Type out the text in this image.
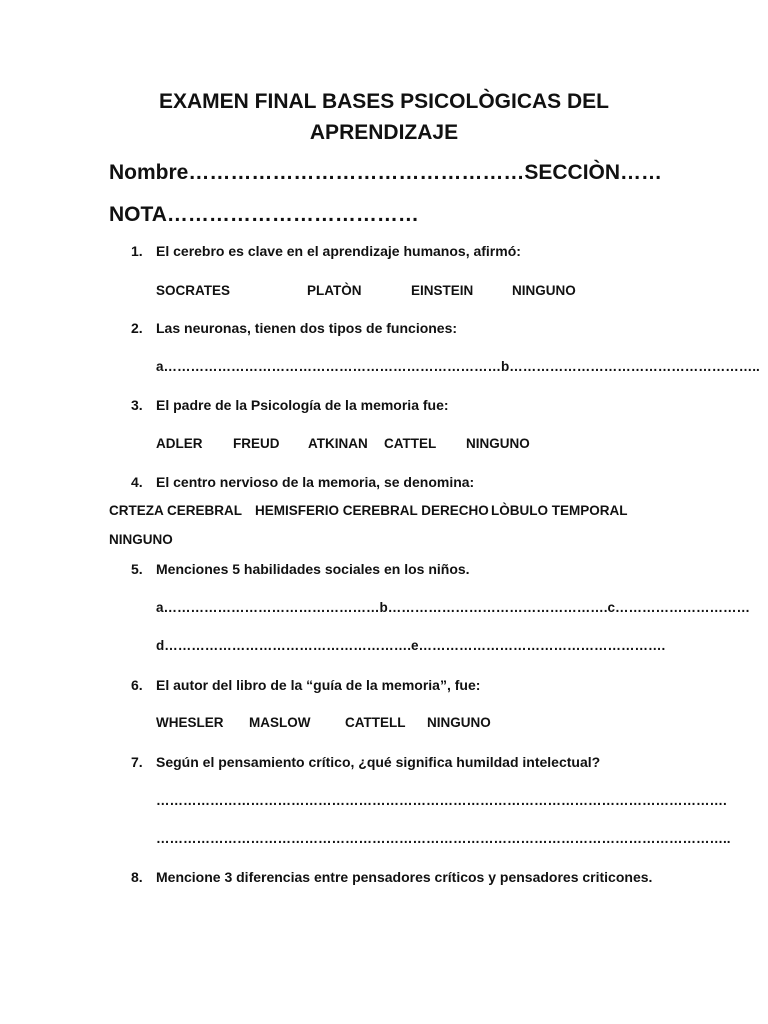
EXAMEN FINAL BASES PSICOLÒGICAS DEL
APRENDIZAJE
Nombre…………………………………………SECCIÒN……
NOTA………………………………
1. El cerebro es clave en el aprendizaje humanos, afirmó:
SOCRATES	PLATÒN	EINSTEIN	NINGUNO
2. Las neuronas, tienen dos tipos de funciones:
a…………………………………………………………………b………………………………………………..
3. El padre de la Psicología de la memoria fue:
ADLER FREUD ATKINAN CATTEL NINGUNO
4. El centro nervioso de la memoria, se denomina:
CRTEZA CEREBRAL HEMISFERIO CEREBRAL DERECHO LÒBULO TEMPORAL
NINGUNO
5. Menciones 5 habilidades sociales en los niños.
a…………………………………………b………………………………………….c…………………………
d……………………………………………….e……………………………………………….
6. El autor del libro de la “guía de la memoria”, fue:
WHESLER MASLOW	CATTELL NINGUNO
7. Según el pensamiento crítico, ¿qué significa humildad intelectual?
……………………………………………………………………………………………………………….
………………………………………………………………………………………………………………..
8. Mencione 3 diferencias entre pensadores críticos y pensadores criticones.
